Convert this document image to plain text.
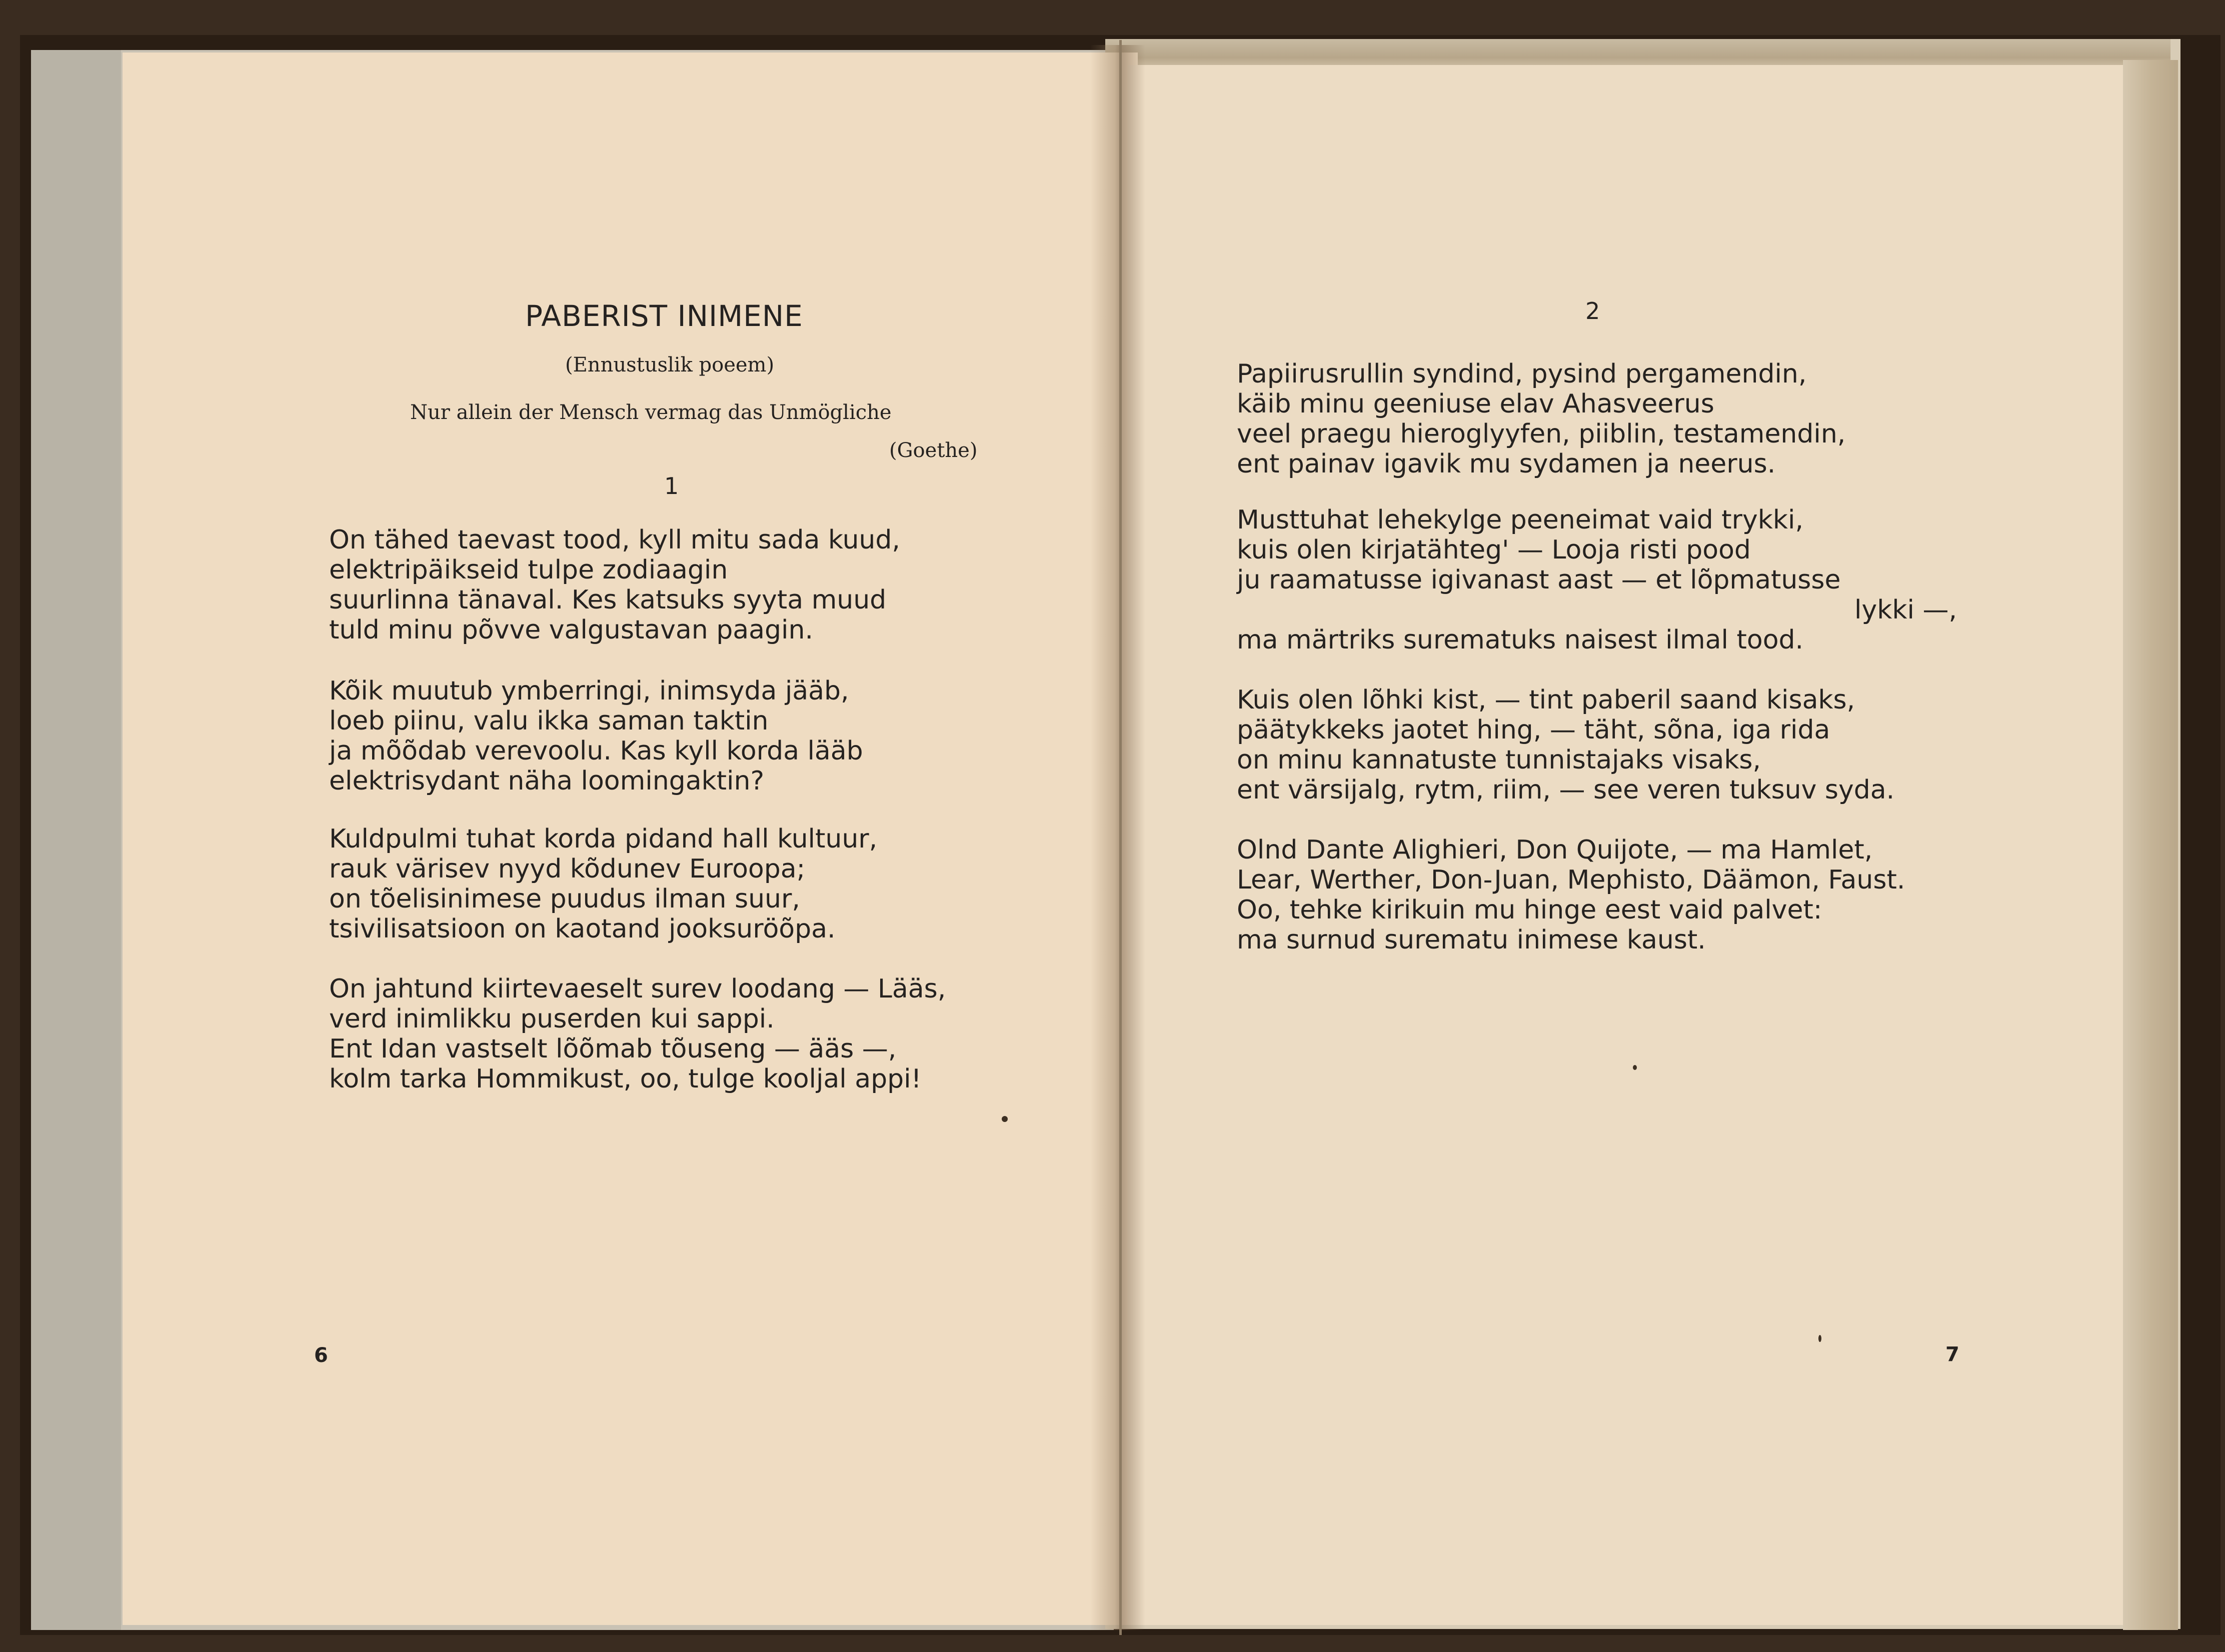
PABERIST INIMENE
(Ennustuslik poeem)
Nur allein der Mensch vermag das Unmögliche
(Goethe)
1
On tähed taevast tood, kyll mitu sada kuud,
elektripäikseid tulpe zodiaagin
suurlinna tänaval. Kes katsuks syyta muud
tuld minu põvve valgustavan paagin.
Kõik muutub ymberringi, inimsyda jääb,
loeb piinu, valu ikka saman taktin
ja mõõdab verevoolu. Kas kyll korda lääb
elektrisydant näha loomingaktin?
Kuldpulmi tuhat korda pidand hall kultuur,
rauk värisev nyyd kõdunev Euroopa;
on tõelisinimese puudus ilman suur,
tsivilisatsioon on kaotand jooksuröõpa.
On jahtund kiirtevaeselt surev loodang — Lääs,
verd inimlikku puserden kui sappi.
Ent Idan vastselt lõõmab tõuseng — ääs —,
kolm tarka Hommikust, oo, tulge kooljal appi!
6
2
Papiirusrullin syndind, pysind pergamendin,
käib minu geeniuse elav Ahasveerus
veel praegu hieroglyyfen, piiblin, testamendin,
ent painav igavik mu sydamen ja neerus.
Musttuhat lehekylge peeneimat vaid trykki,
kuis olen kirjatähteg' — Looja risti pood
ju raamatusse igivanast aast — et lõpmatusse
lykki —,
ma märtriks surematuks naisest ilmal tood.
Kuis olen lõhki kist, — tint paberil saand kisaks,
päätykkeks jaotet hing, — täht, sõna, iga rida
on minu kannatuste tunnistajaks visaks,
ent värsijalg, rytm, riim, — see veren tuksuv syda.
Olnd Dante Alighieri, Don Quijote, — ma Hamlet,
Lear, Werther, Don-Juan, Mephisto, Däämon, Faust.
Oo, tehke kirikuin mu hinge eest vaid palvet:
ma surnud surematu inimese kaust.
7
